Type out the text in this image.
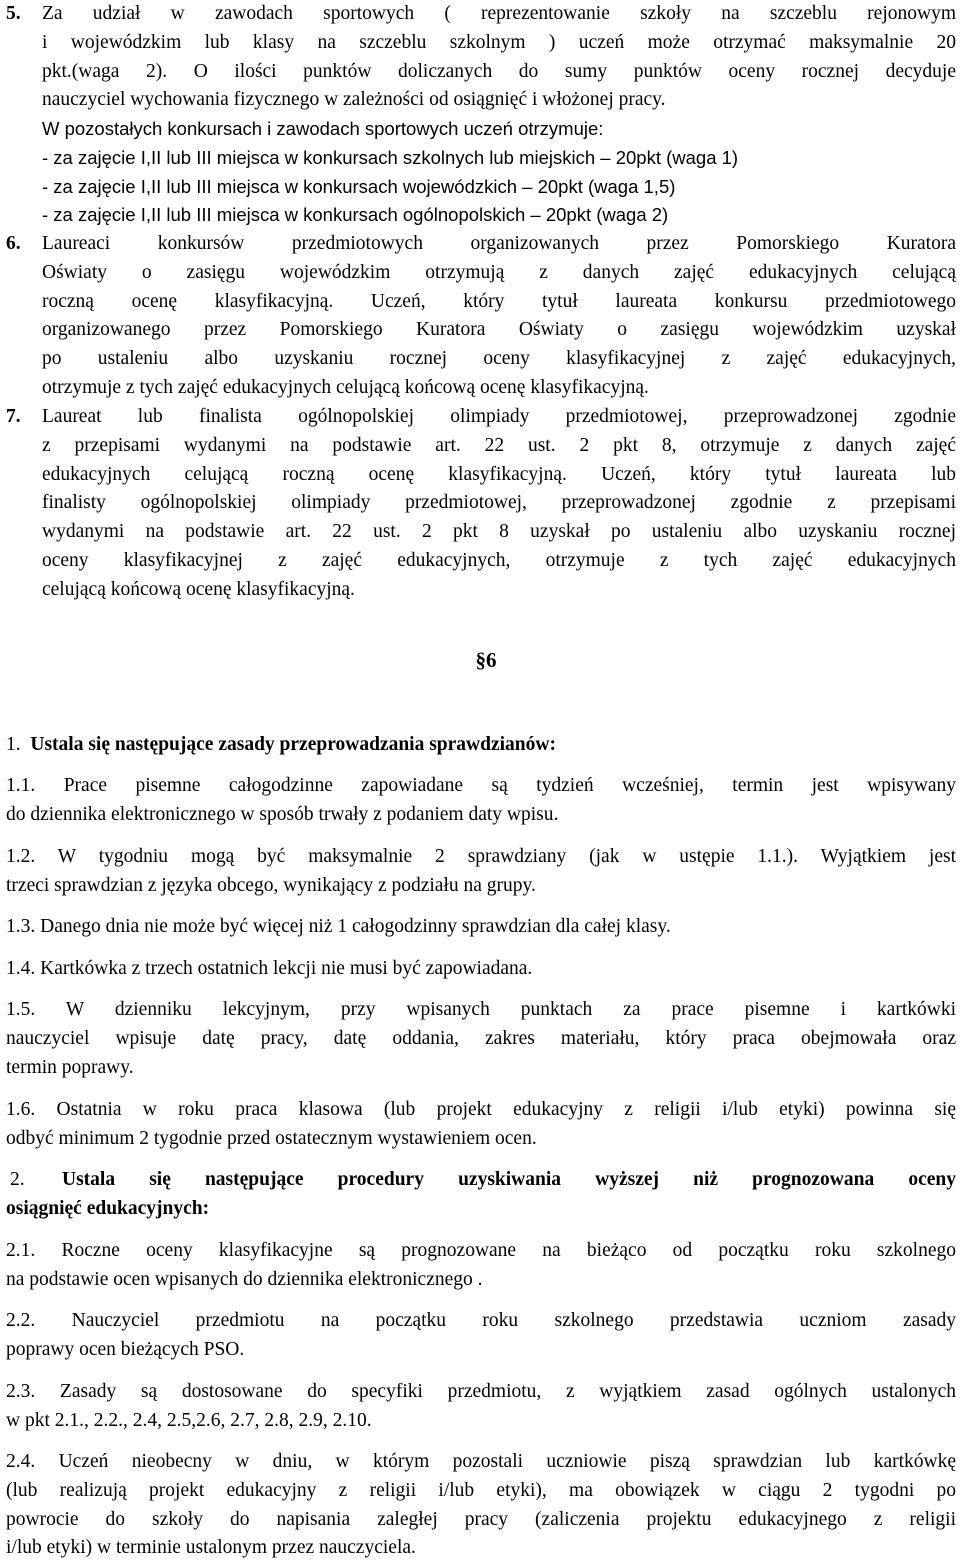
5. Za udział w zawodach sportowych ( reprezentowanie szkoły na szczeblu rejonowym
i wojewódzkim lub klasy na szczeblu szkolnym ) uczeń może otrzymać maksymalnie 20
pkt.(waga 2). O ilości punktów doliczanych do sumy punktów oceny rocznej decyduje
nauczyciel wychowania fizycznego w zależności od osiągnięć i włożonej pracy.
W pozostałych konkursach i zawodach sportowych uczeń otrzymuje:
- za zajęcie I,II lub III miejsca w konkursach szkolnych lub miejskich – 20pkt (waga 1)
- za zajęcie I,II lub III miejsca w konkursach wojewódzkich – 20pkt (waga 1,5)
- za zajęcie I,II lub III miejsca w konkursach ogólnopolskich – 20pkt (waga 2)
6. Laureaci konkursów przedmiotowych organizowanych przez Pomorskiego Kuratora
Oświaty o zasięgu wojewódzkim otrzymują z danych zajęć edukacyjnych celującą
roczną ocenę klasyfikacyjną. Uczeń, który tytuł laureata konkursu przedmiotowego
organizowanego przez Pomorskiego Kuratora Oświaty o zasięgu wojewódzkim uzyskał
po ustaleniu albo uzyskaniu rocznej oceny klasyfikacyjnej z zajęć edukacyjnych,
otrzymuje z tych zajęć edukacyjnych celującą końcową ocenę klasyfikacyjną.
7. Laureat lub finalista ogólnopolskiej olimpiady przedmiotowej, przeprowadzonej zgodnie
z przepisami wydanymi na podstawie art. 22 ust. 2 pkt 8, otrzymuje z danych zajęć
edukacyjnych celującą roczną ocenę klasyfikacyjną. Uczeń, który tytuł laureata lub
finalisty ogólnopolskiej olimpiady przedmiotowej, przeprowadzonej zgodnie z przepisami
wydanymi na podstawie art. 22 ust. 2 pkt 8 uzyskał po ustaleniu albo uzyskaniu rocznej
oceny klasyfikacyjnej z zajęć edukacyjnych, otrzymuje z tych zajęć edukacyjnych
celującą końcową ocenę klasyfikacyjną.
§6
1. Ustala się następujące zasady przeprowadzania sprawdzianów:
1.1. Prace pisemne całogodzinne zapowiadane są tydzień wcześniej, termin jest wpisywany
do dziennika elektronicznego w sposób trwały z podaniem daty wpisu.
1.2. W tygodniu mogą być maksymalnie 2 sprawdziany (jak w ustępie 1.1.). Wyjątkiem jest
trzeci sprawdzian z języka obcego, wynikający z podziału na grupy.
1.3. Danego dnia nie może być więcej niż 1 całogodzinny sprawdzian dla całej klasy.
1.4. Kartkówka z trzech ostatnich lekcji nie musi być zapowiadana.
1.5. W dzienniku lekcyjnym, przy wpisanych punktach za prace pisemne i kartkówki
nauczyciel wpisuje datę pracy, datę oddania, zakres materiału, który praca obejmowała oraz
termin poprawy.
1.6. Ostatnia w roku praca klasowa (lub projekt edukacyjny z religii i/lub etyki) powinna się
odbyć minimum 2 tygodnie przed ostatecznym wystawieniem ocen.
2. Ustala się następujące procedury uzyskiwania wyższej niż prognozowana oceny
osiągnięć edukacyjnych:
2.1. Roczne oceny klasyfikacyjne są prognozowane na bieżąco od początku roku szkolnego
na podstawie ocen wpisanych do dziennika elektronicznego .
2.2. Nauczyciel przedmiotu na początku roku szkolnego przedstawia uczniom zasady
poprawy ocen bieżących PSO.
2.3. Zasady są dostosowane do specyfiki przedmiotu, z wyjątkiem zasad ogólnych ustalonych
w pkt 2.1., 2.2., 2.4, 2.5,2.6, 2.7, 2.8, 2.9, 2.10.
2.4. Uczeń nieobecny w dniu, w którym pozostali uczniowie piszą sprawdzian lub kartkówkę
(lub realizują projekt edukacyjny z religii i/lub etyki), ma obowiązek w ciągu 2 tygodni po
powrocie do szkoły do napisania zaległej pracy (zaliczenia projektu edukacyjnego z religii
i/lub etyki) w terminie ustalonym przez nauczyciela.
